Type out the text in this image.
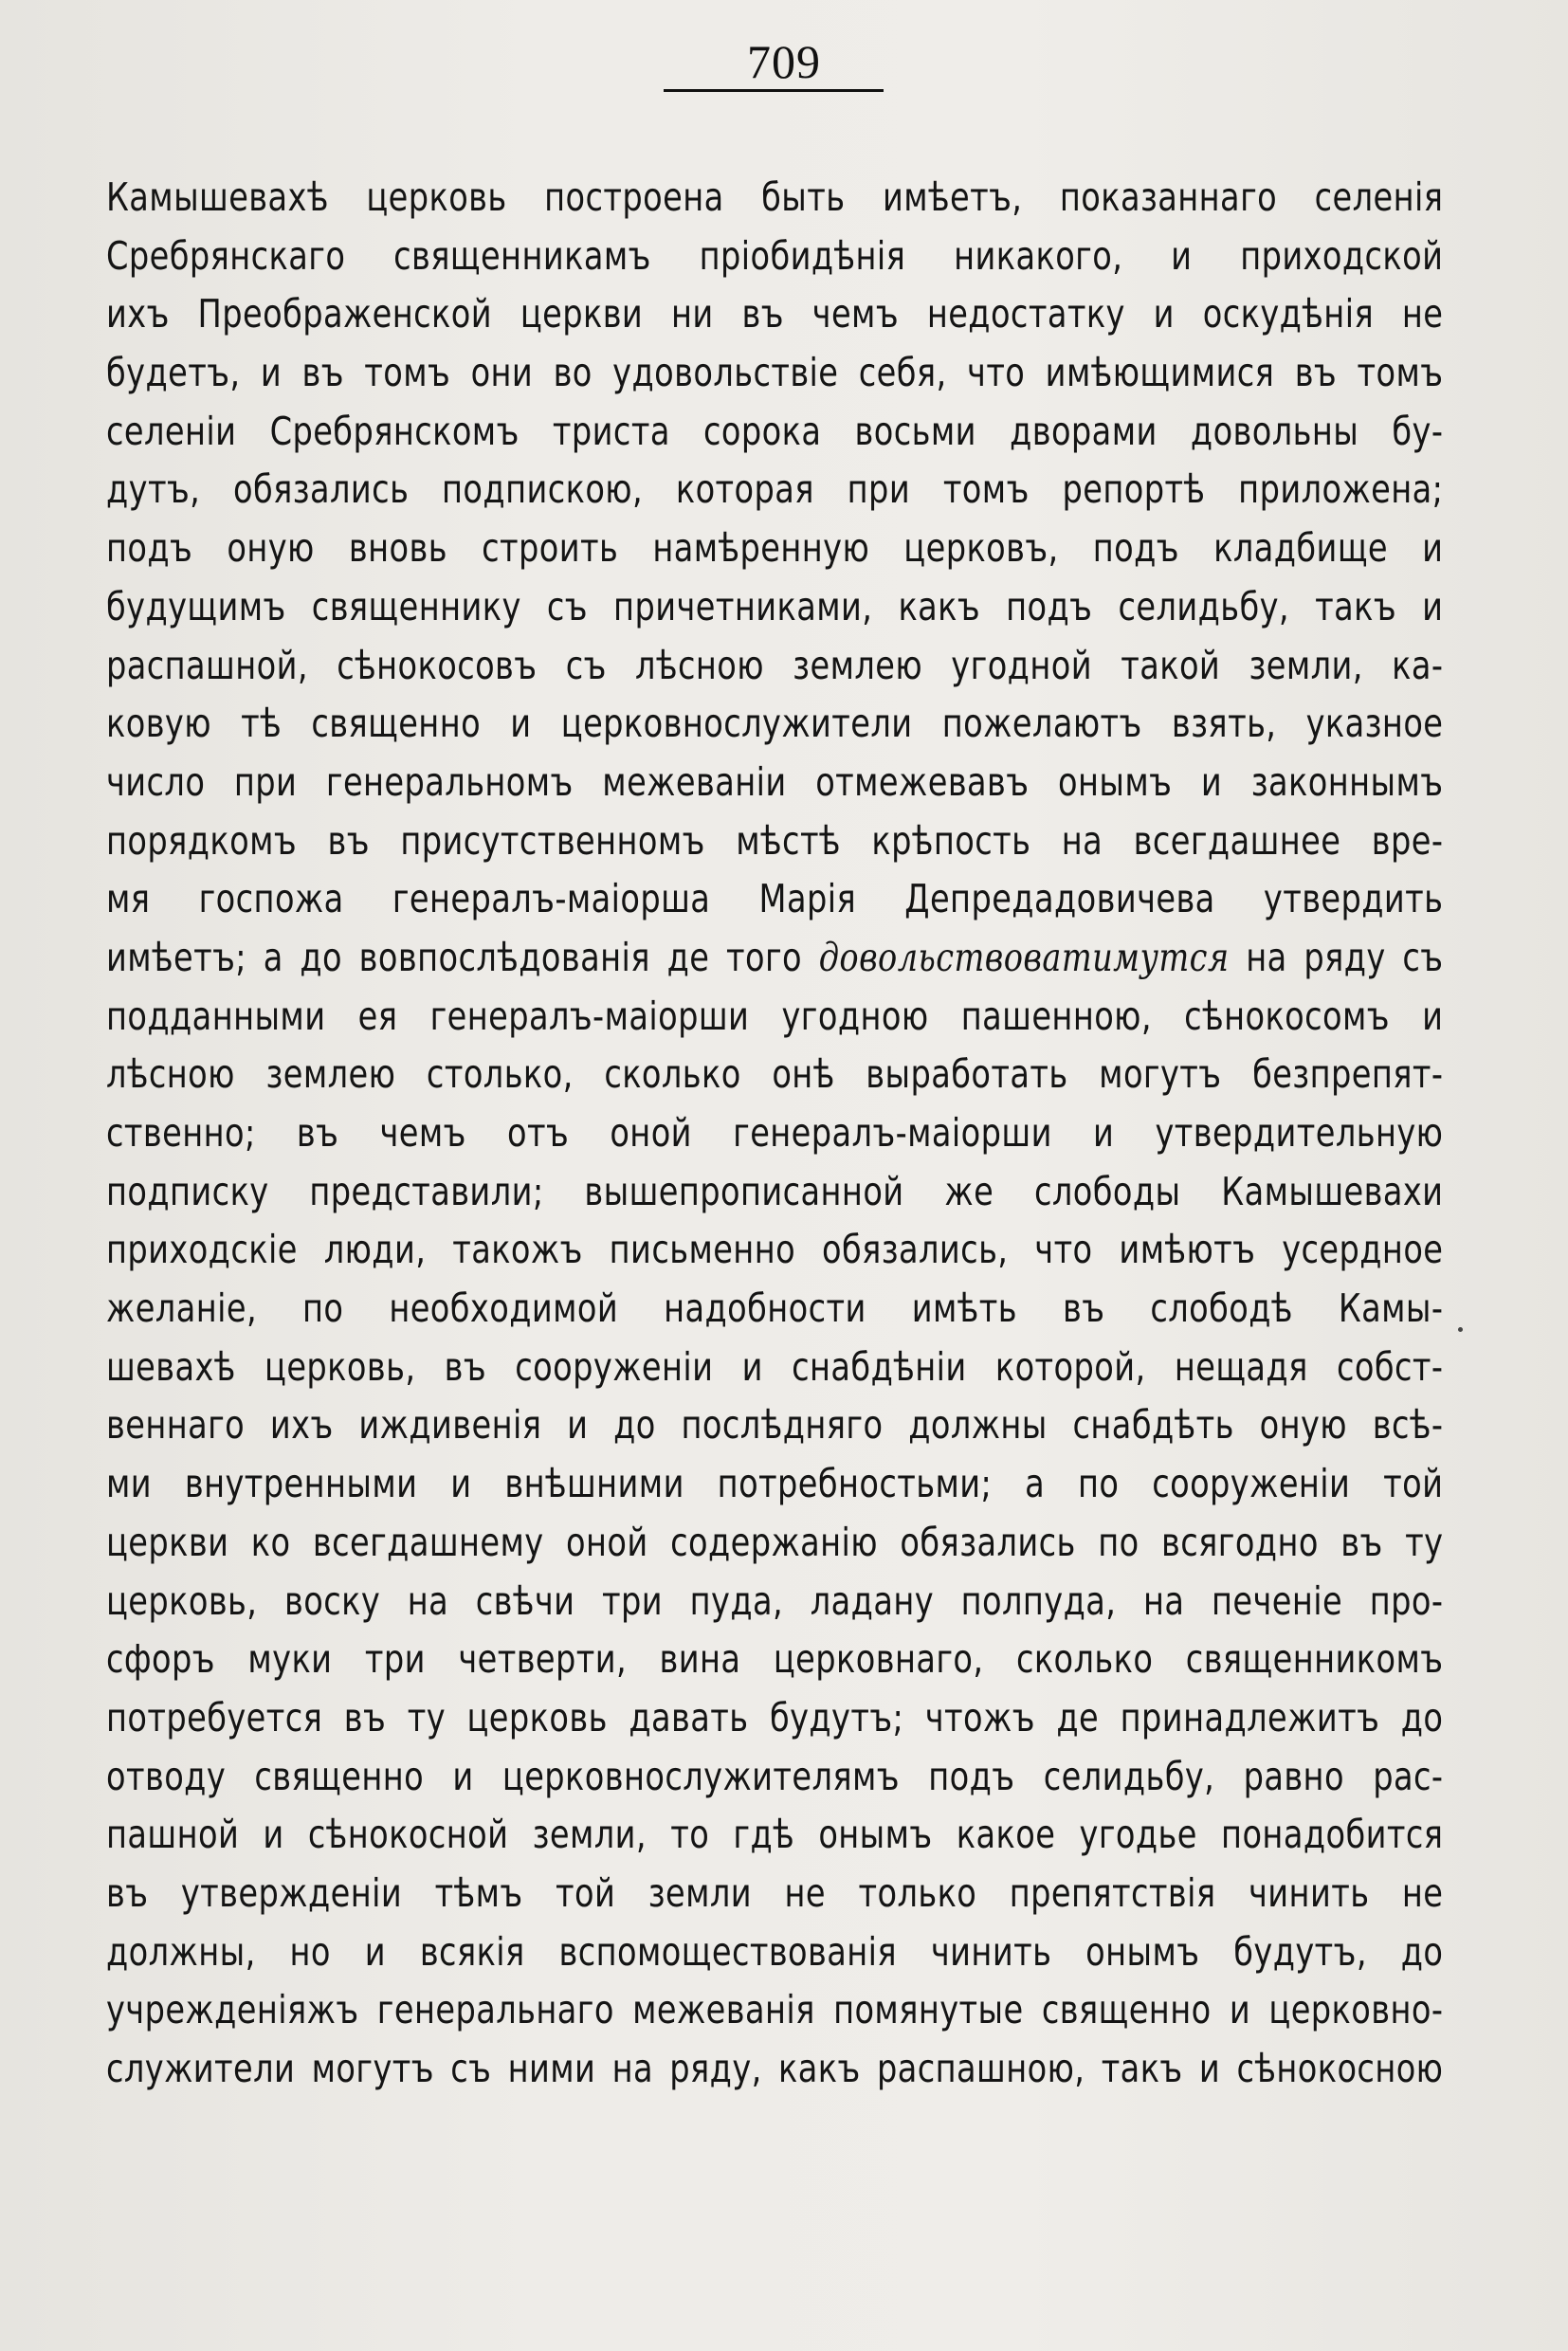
709
Камышевахѣ церковь построена быть имѣетъ, показаннаго селенія
Сребрянскаго священникамъ пріобидѣнія никакого, и приходской
ихъ Преображенской церкви ни въ чемъ недостатку и оскудѣнія не
будетъ, и въ томъ они во удовольствіе себя, что имѣющимися въ томъ
селеніи Сребрянскомъ триста сорока восьми дворами довольны бу-
дутъ, обязались подпискою, которая при томъ репортѣ приложена;
подъ оную вновь строить намѣренную церковъ, подъ кладбище и
будущимъ священнику съ причетниками, какъ подъ селидьбу, такъ и
распашной, сѣнокосовъ съ лѣсною землею угодной такой земли, ка-
ковую тѣ священно и церковнослужители пожелаютъ взять, указное
число при генеральномъ межеваніи отмежевавъ онымъ и законнымъ
порядкомъ въ присутственномъ мѣстѣ крѣпость на всегдашнее вре-
мя госпожа генералъ-маіорша Марія Депредадовичева утвердить
имѣетъ; а до вовпослѣдованія де того довольствоватимутся на ряду съ
подданными ея генералъ-маіорши угодною пашенною, сѣнокосомъ и
лѣсною землею столько, сколько онѣ выработать могутъ безпрепят-
ственно; въ чемъ отъ оной генералъ-маіорши и утвердительную
подписку представили; вышепрописанной же слободы Камышевахи
приходскіе люди, такожъ письменно обязались, что имѣютъ усердное
желаніе, по необходимой надобности имѣть въ слободѣ Камы-
шевахѣ церковь, въ сооруженіи и снабдѣніи которой, нещадя собст-
веннаго ихъ иждивенія и до послѣдняго должны снабдѣть оную всѣ-
ми внутренными и внѣшними потребностьми; а по сооруженіи той
церкви ко всегдашнему оной содержанію обязались по всягодно въ ту
церковь, воску на свѣчи три пуда, ладану полпуда, на печеніе про-
сфоръ муки три четверти, вина церковнаго, сколько священникомъ
потребуется въ ту церковь давать будутъ; чтожъ де принадлежитъ до
отводу священно и церковнослужителямъ подъ селидьбу, равно рас-
пашной и сѣнокосной земли, то гдѣ онымъ какое угодье понадобится
въ утвержденіи тѣмъ той земли не только препятствія чинить не
должны, но и всякія вспомоществованія чинить онымъ будутъ, до
учрежденіяжъ генеральнаго межеванія помянутые священно и церковно-
служители могутъ съ ними на ряду, какъ распашною, такъ и сѣнокосною
